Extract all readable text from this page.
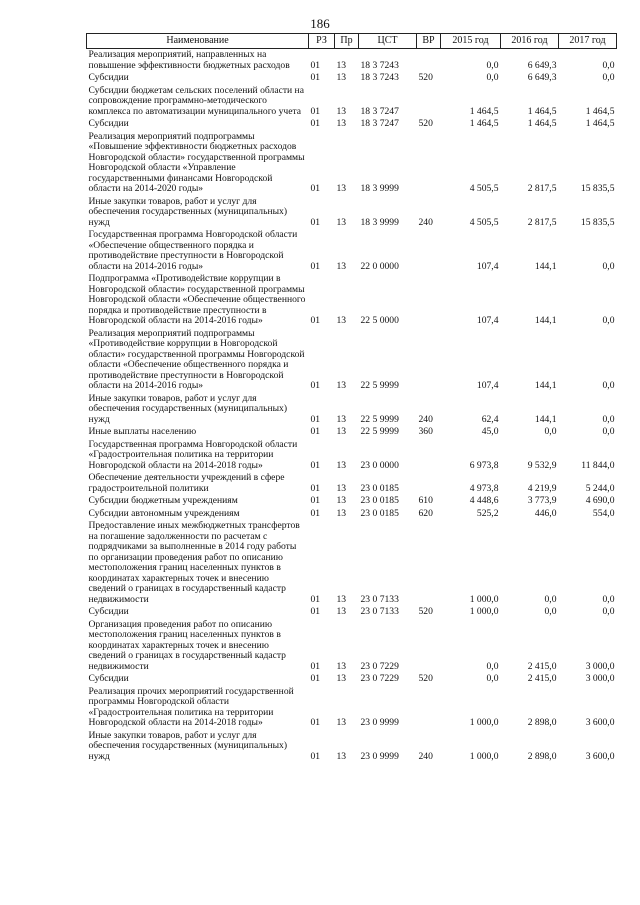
186
Наименование	РЗ	Пр	ЦСТ	ВР	2015 год	2016 год	2017 год
Реализация мероприятий, направленных на повышение эффективности бюджетных расходов	01	13	18 3 7243		0,0	6 649,3	0,0
Субсидии	01	13	18 3 7243	520	0,0	6 649,3	0,0
Субсидии бюджетам сельских поселений области на сопровождение программно-методического комплекса по автоматизации муниципального учета	01	13	18 3 7247		1 464,5	1 464,5	1 464,5
Субсидии	01	13	18 3 7247	520	1 464,5	1 464,5	1 464,5
Реализация мероприятий подпрограммы «Повышение эффективности бюджетных расходов Новгородской области» государственной программы Новгородской области «Управление государственными финансами Новгородской области на 2014-2020 годы»	01	13	18 3 9999		4 505,5	2 817,5	15 835,5
Иные закупки товаров, работ и услуг для обеспечения государственных (муниципальных) нужд	01	13	18 3 9999	240	4 505,5	2 817,5	15 835,5
Государственная программа Новгородской области «Обеспечение общественного порядка и противодействие преступности в Новгородской области на 2014-2016 годы»	01	13	22 0 0000		107,4	144,1	0,0
Подпрограмма «Противодействие коррупции в Новгородской области» государственной программы Новгородской области «Обеспечение общественного порядка и противодействие преступности в Новгородской области на 2014-2016 годы»	01	13	22 5 0000		107,4	144,1	0,0
Реализация мероприятий подпрограммы «Противодействие коррупции в Новгородской области» государственной программы Новгородской области «Обеспечение общественного порядка и противодействие преступности в Новгородской области на 2014-2016 годы»	01	13	22 5 9999		107,4	144,1	0,0
Иные закупки товаров, работ и услуг для обеспечения государственных (муниципальных) нужд	01	13	22 5 9999	240	62,4	144,1	0,0
Иные выплаты населению	01	13	22 5 9999	360	45,0	0,0	0,0
Государственная программа Новгородской области «Градостроительная политика на территории Новгородской области на 2014-2018 годы»	01	13	23 0 0000		6 973,8	9 532,9	11 844,0
Обеспечение деятельности учреждений в сфере градостроительной политики	01	13	23 0 0185		4 973,8	4 219,9	5 244,0
Субсидии бюджетным учреждениям	01	13	23 0 0185	610	4 448,6	3 773,9	4 690,0
Субсидии автономным учреждениям	01	13	23 0 0185	620	525,2	446,0	554,0
Предоставление иных межбюджетных трансфертов на погашение задолженности по расчетам с подрядчиками за выполненные в 2014 году работы по организации проведения работ по описанию местоположения границ населенных пунктов в координатах характерных точек и внесению сведений о границах в государственный кадастр недвижимости	01	13	23 0 7133		1 000,0	0,0	0,0
Субсидии	01	13	23 0 7133	520	1 000,0	0,0	0,0
Организация проведения работ по описанию местоположения границ населенных пунктов в координатах характерных точек и внесению сведений о границах в государственный кадастр недвижимости	01	13	23 0 7229		0,0	2 415,0	3 000,0
Субсидии	01	13	23 0 7229	520	0,0	2 415,0	3 000,0
Реализация прочих мероприятий государственной программы Новгородской области «Градостроительная политика на территории Новгородской области на 2014-2018 годы»	01	13	23 0 9999		1 000,0	2 898,0	3 600,0
Иные закупки товаров, работ и услуг для обеспечения государственных (муниципальных) нужд	01	13	23 0 9999	240	1 000,0	2 898,0	3 600,0
